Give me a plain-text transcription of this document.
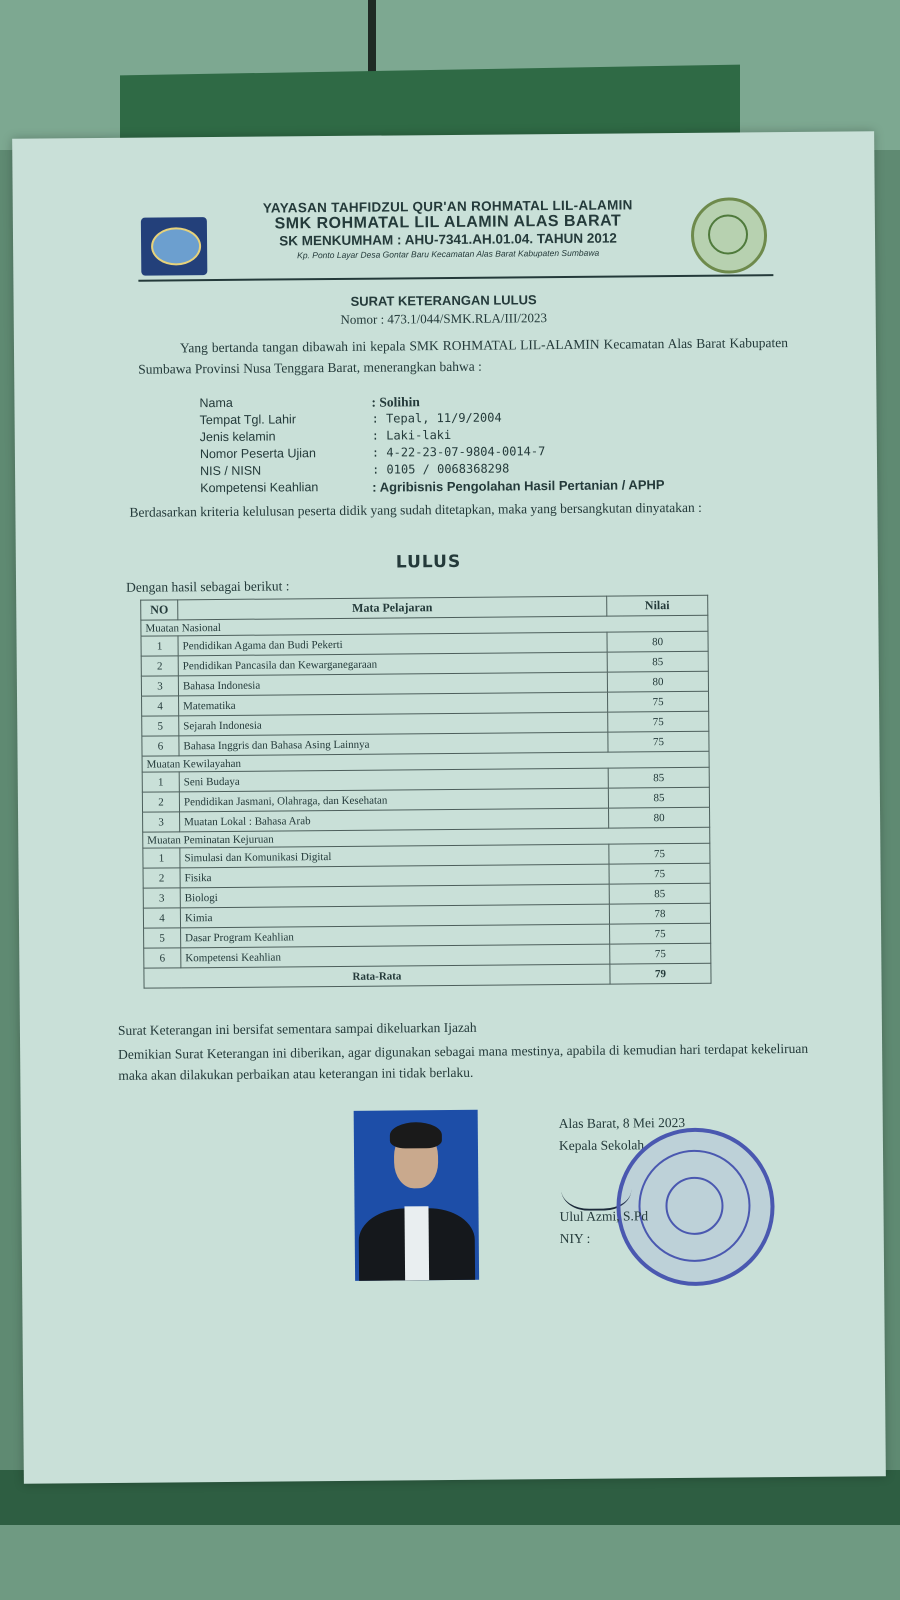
YAYASAN TAHFIDZUL QUR'AN ROHMATAL LIL-ALAMIN
SMK ROHMATAL LIL ALAMIN ALAS BARAT
SK MENKUMHAM : AHU-7341.AH.01.04. TAHUN 2012
Kp. Ponto Layar Desa Gontar Baru Kecamatan Alas Barat Kabupaten Sumbawa
SURAT KETERANGAN LULUS
Nomor : 473.1/044/SMK.RLA/III/2023
Yang bertanda tangan dibawah ini kepala SMK ROHMATAL LIL-ALAMIN Kecamatan Alas Barat Kabupaten Sumbawa Provinsi Nusa Tenggara Barat, menerangkan bahwa :
Nama	: Solihin
Tempat Tgl. Lahir	: Tepal, 11/9/2004
Jenis kelamin	: Laki-laki
Nomor Peserta Ujian	: 4-22-23-07-9804-0014-7
NIS / NISN	: 0105 / 0068368298
Kompetensi Keahlian	: Agribisnis Pengolahan Hasil Pertanian / APHP
Berdasarkan kriteria kelulusan peserta didik yang sudah ditetapkan, maka yang bersangkutan dinyatakan :
LULUS
Dengan hasil sebagai berikut :
NO	Mata Pelajaran	Nilai
Muatan Nasional		
1	Pendidikan Agama dan Budi Pekerti	80
2	Pendidikan Pancasila dan Kewarganegaraan	85
3	Bahasa Indonesia	80
4	Matematika	75
5	Sejarah Indonesia	75
6	Bahasa Inggris dan Bahasa Asing Lainnya	75
Muatan Kewilayahan		
1	Seni Budaya	85
2	Pendidikan Jasmani, Olahraga, dan Kesehatan	85
3	Muatan Lokal : Bahasa Arab	80
Muatan Peminatan Kejuruan		
1	Simulasi dan Komunikasi Digital	75
2	Fisika	75
3	Biologi	85
4	Kimia	78
5	Dasar Program Keahlian	75
6	Kompetensi Keahlian	75
Rata-Rata		79
Surat Keterangan ini bersifat sementara sampai dikeluarkan Ijazah
Demikian Surat Keterangan ini diberikan, agar digunakan sebagai mana mestinya, apabila di kemudian hari terdapat kekeliruan maka akan dilakukan perbaikan atau keterangan ini tidak berlaku.
Alas Barat, 8 Mei 2023
Kepala Sekolah
Ulul Azmi, S.Pd
NIY :
